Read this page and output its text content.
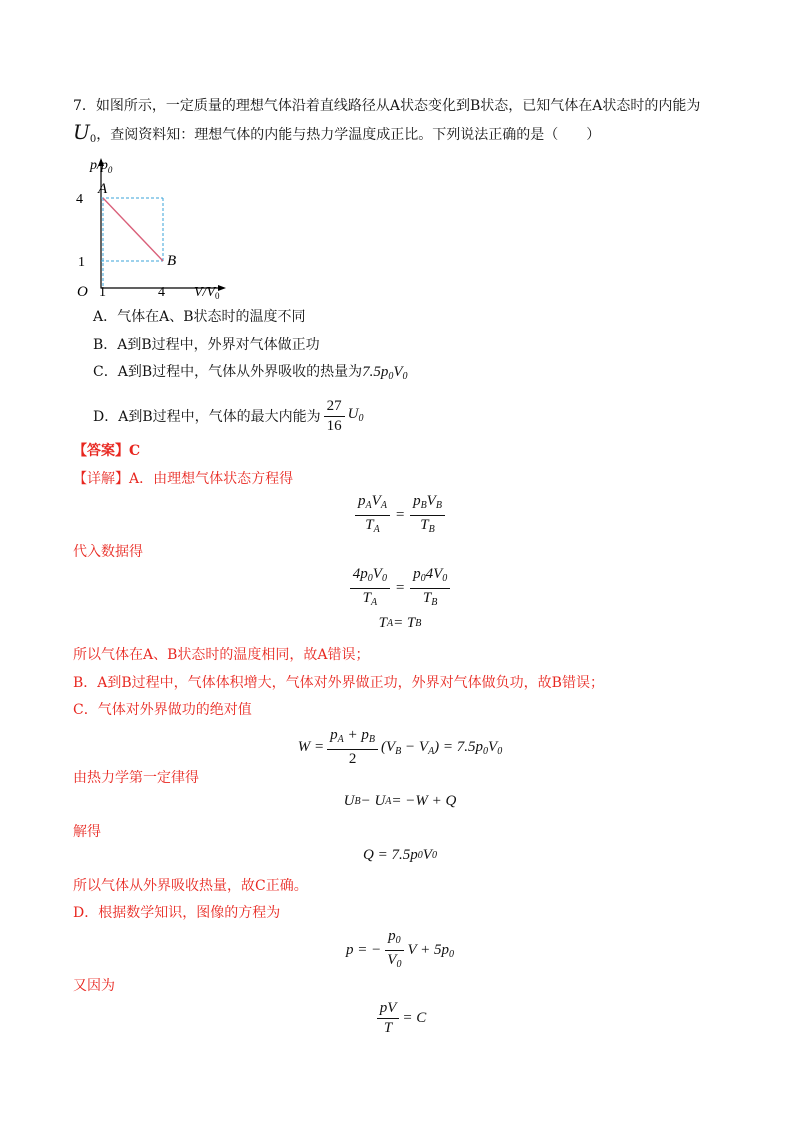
7．如图所示，一定质量的理想气体沿着直线路径从A状态变化到B状态，已知气体在A状态时的内能为
$U_0$，查阅资料知：理想气体的内能与热力学温度成正比。下列说法正确的是（　　）
$p/p_0$
4
1
O 1	4 $V/V_0$
A
B
A．气体在A、B状态时的温度不同
B．A到B过程中，外界对气体做正功
C．A到B过程中，气体从外界吸收的热量为$7.5p_0V_0$
D．A到B过程中，气体的最大内能为 $\frac{27}{16} U_0$
【答案】C
【详解】A．由理想气体状态方程得
$\frac{p_AV_A}{T_A} = \frac{p_BV_B}{T_B}$
代入数据得
$\frac{4p_0V_0}{T_A} = \frac{p_04V_0}{T_B}$
T A = T B
所以气体在A、B状态时的温度相同，故A错误；
B．A到B过程中，气体体积增大，气体对外界做正功，外界对气体做负功，故B错误；
C．气体对外界做功的绝对值
$W = \frac{p_A + p_B}{2} (V_B - V_A) = 7.5p_0V_0$
由热力学第一定律得
U B − U A = −W + Q
解得
Q = 7.5p 0 V 0
所以气体从外界吸收热量，故C正确。
D．根据数学知识，图像的方程为
p = − $\frac{p_0}{V_0}$ $V + 5p_0$
又因为
$\frac{pV}{T} = C$
